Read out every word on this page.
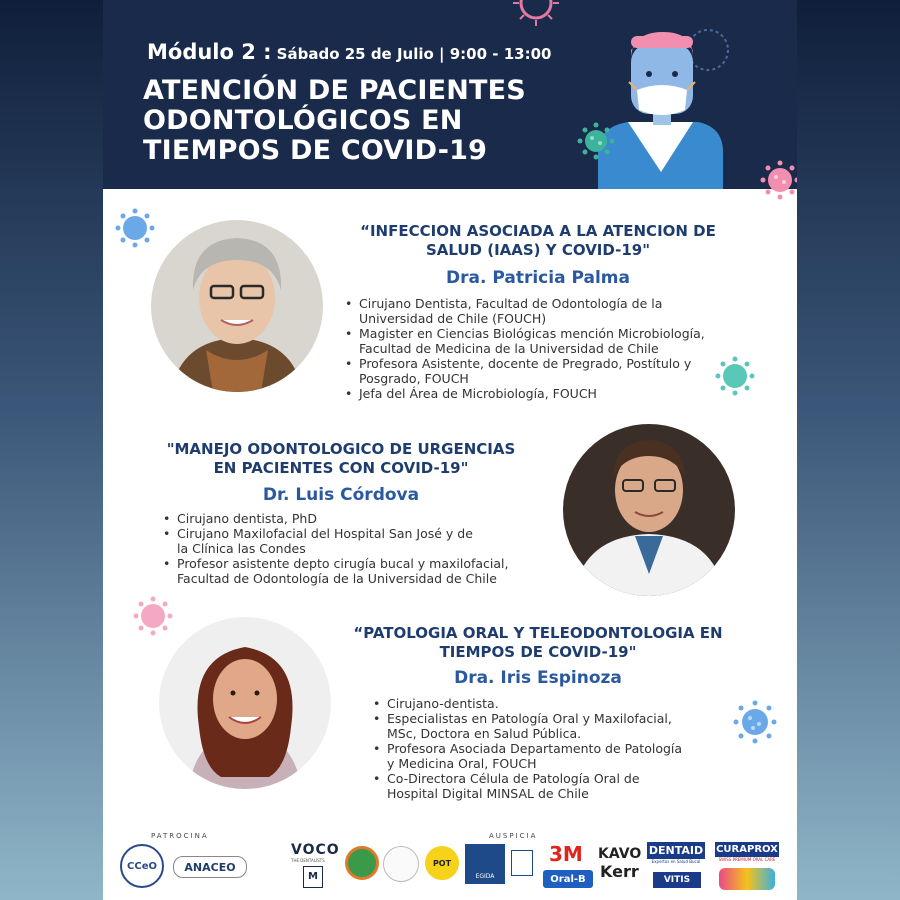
Módulo 2 : Sábado 25 de Julio | 9:00 - 13:00
ATENCIÓN DE PACIENTES
ODONTOLÓGICOS EN
TIEMPOS DE COVID-19
“INFECCION ASOCIADA A LA ATENCION DE
SALUD (IAAS) Y COVID-19"
Dra. Patricia Palma
• Cirujano Dentista, Facultad de Odontología de la
Universidad de Chile (FOUCH)
• Magister en Ciencias Biológicas mención Microbiología,
Facultad de Medicina de la Universidad de Chile
• Profesora Asistente, docente de Pregrado, Postítulo y
Posgrado, FOUCH
• Jefa del Área de Microbiología, FOUCH
"MANEJO ODONTOLOGICO DE URGENCIAS
EN PACIENTES CON COVID-19"
Dr. Luis Córdova
• Cirujano dentista, PhD
• Cirujano Maxilofacial del Hospital San José y de
la Clínica las Condes
• Profesor asistente depto cirugía bucal y maxilofacial,
Facultad de Odontología de la Universidad de Chile
“PATOLOGIA ORAL Y TELEODONTOLOGIA EN
TIEMPOS DE COVID-19"
Dra. Iris Espinoza
• Cirujano-dentista.
• Especialistas en Patología Oral y Maxilofacial,
MSc, Doctora en Salud Pública.
• Profesora Asociada Departamento de Patología
y Medicina Oral, FOUCH
• Co-Directora Célula de Patología Oral de
Hospital Digital MINSAL de Chile
PATROCINA	AUSPICIA
CCeO ANACEO
VOCO
THE DENTALISTS
M
POT
EGIDA
3M
Oral-B
KAVO
Kerr
DENTAID
Expertos en Salud Bucal
VITIS
CURAPROX
SWISS PREMIUM ORAL CARE
